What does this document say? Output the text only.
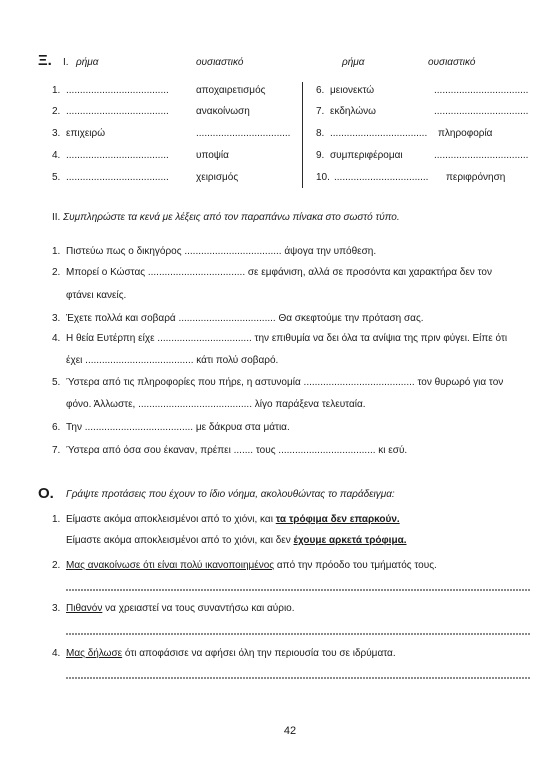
Ξ. I. ρήμα	ουσιαστικό	ρήμα	ουσιαστικό
1. .....................................	αποχαιρετισμός	6. μειονεκτώ	..................................
2. .....................................	ανακοίνωση	7. εκδηλώνω	..................................
3. επιχειρώ	..................................	8. ................................... πληροφορία
4. .....................................	υποψία	9. συμπεριφέρομαι	..................................
5. .....................................	χειρισμός	10. .................................. περιφρόνηση
II. Συμπληρώστε τα κενά με λέξεις από τον παραπάνω πίνακα στο σωστό τύπο.
1. Πιστεύω πως ο δικηγόρος ................................... άψογα την υπόθεση.
2. Μπορεί ο Κώστας ................................... σε εμφάνιση, αλλά σε προσόντα και χαρακτήρα δεν τον
φτάνει κανείς.
3. Έχετε πολλά και σοβαρά ................................... Θα σκεφτούμε την πρόταση σας.
4. Η θεία Ευτέρπη είχε .................................. την επιθυμία να δει όλα τα ανίψια της πριν φύγει. Είπε ότι
έχει ....................................... κάτι πολύ σοβαρό.
5. Ύστερα από τις πληροφορίες που πήρε, η αστυνομία ........................................ τον θυρωρό για τον
φόνο. Άλλωστε, ......................................... λίγο παράξενα τελευταία.
6. Την ....................................... με δάκρυα στα μάτια.
7. Ύστερα από όσα σου έκαναν, πρέπει ....... τους ................................... κι εσύ.
Ο. Γράψτε προτάσεις που έχουν το ίδιο νόημα, ακολουθώντας το παράδειγμα:
1. Είμαστε ακόμα αποκλεισμένοι από το χιόνι, και τα τρόφιμα δεν επαρκούν.
Είμαστε ακόμα αποκλεισμένοι από το χιόνι, και δεν έχουμε αρκετά τρόφιμα.
2. Μας ανακοίνωσε ότι είναι πολύ ικανοποιημένος από την πρόοδο του τμήματός τους.
3. Πιθανόν να χρειαστεί να τους συναντήσω και αύριο.
4. Μας δήλωσε ότι αποφάσισε να αφήσει όλη την περιουσία του σε ιδρύματα.
42
